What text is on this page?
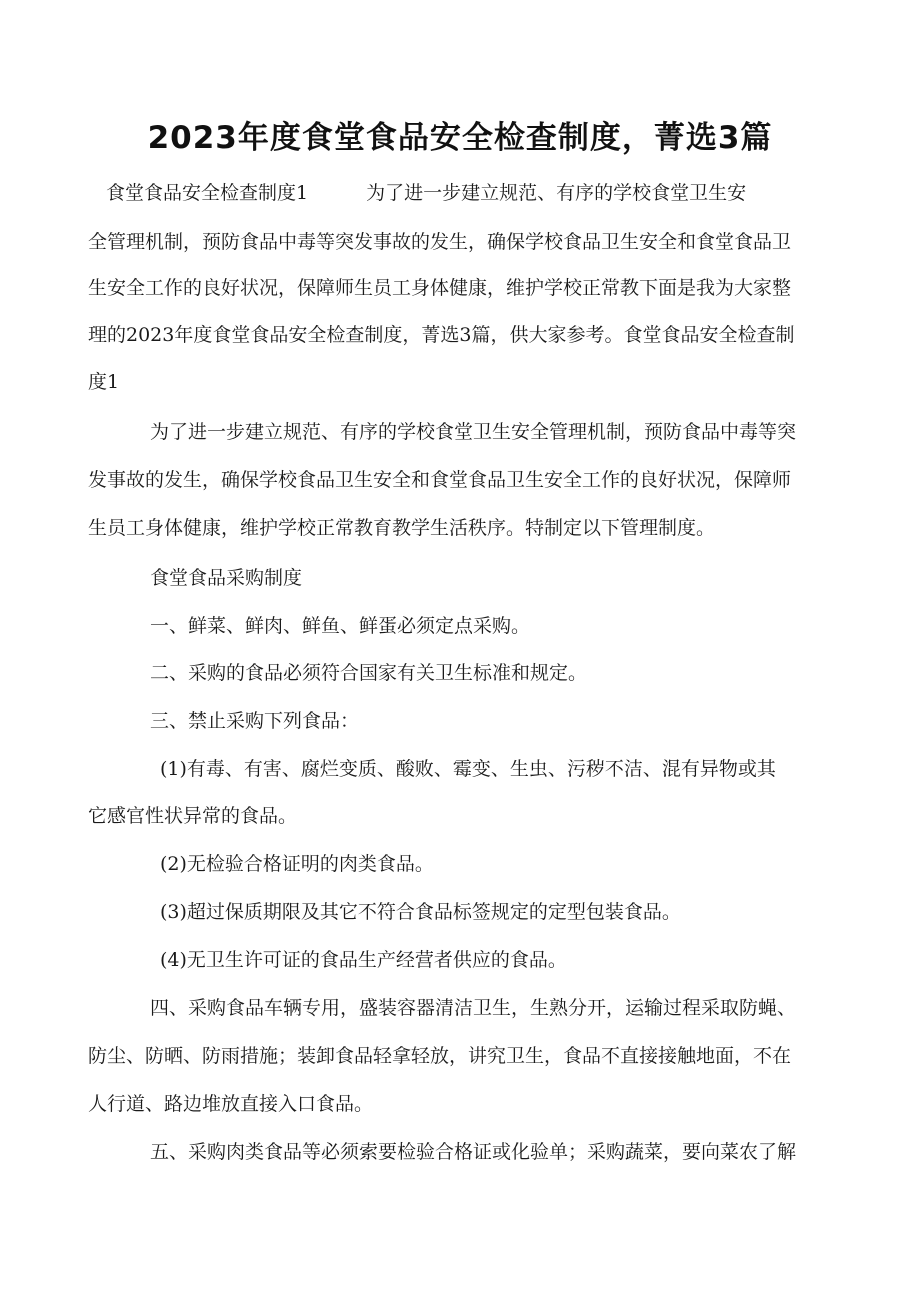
2023年度食堂食品安全检查制度，菁选3篇
食堂食品安全检查制度1	为了进一步建立规范、有序的学校食堂卫生安

全管理机制，预防食品中毒等突发事故的发生，确保学校食品卫生安全和食堂食品卫

生安全工作的良好状况，保障师生员工身体健康，维护学校正常教下面是我为大家整

理的2023年度食堂食品安全检查制度，菁选3篇，供大家参考。食堂食品安全检查制

度1

为了进一步建立规范、有序的学校食堂卫生安全管理机制，预防食品中毒等突

发事故的发生，确保学校食品卫生安全和食堂食品卫生安全工作的良好状况，保障师

生员工身体健康，维护学校正常教育教学生活秩序。特制定以下管理制度。

食堂食品采购制度

一、鲜菜、鲜肉、鲜鱼、鲜蛋必须定点采购。

二、采购的食品必须符合国家有关卫生标准和规定。

三、禁止采购下列食品：

(1)有毒、有害、腐烂变质、酸败、霉变、生虫、污秽不洁、混有异物或其

它感官性状异常的食品。

(2)无检验合格证明的肉类食品。

(3)超过保质期限及其它不符合食品标签规定的定型包装食品。

(4)无卫生许可证的食品生产经营者供应的食品。

四、采购食品车辆专用，盛装容器清洁卫生，生熟分开，运输过程采取防蝇、

防尘、防晒、防雨措施；装卸食品轻拿轻放，讲究卫生，食品不直接接触地面，不在

人行道、路边堆放直接入口食品。

五、采购肉类食品等必须索要检验合格证或化验单；采购蔬菜，要向菜农了解
